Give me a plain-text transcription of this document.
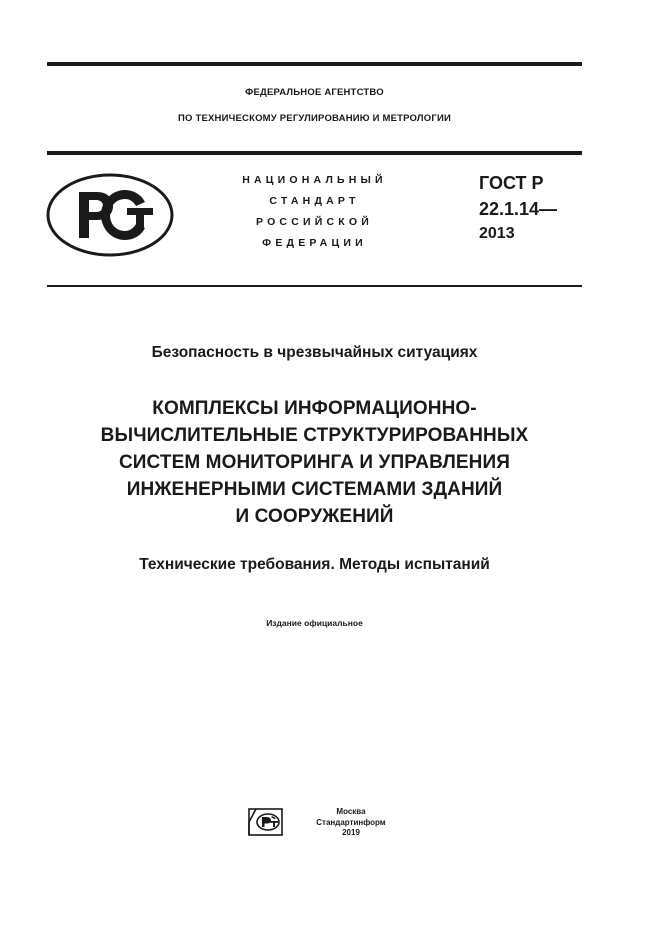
ФЕДЕРАЛЬНОЕ АГЕНТСТВО
ПО ТЕХНИЧЕСКОМУ РЕГУЛИРОВАНИЮ И МЕТРОЛОГИИ
НАЦИОНАЛЬНЫЙ
СТАНДАРТ
РОССИЙСКОЙ
ФЕДЕРАЦИИ
ГОСТ Р
22.1.14—
2013
Безопасность в чрезвычайных ситуациях
КОМПЛЕКСЫ ИНФОРМАЦИОННО-
ВЫЧИСЛИТЕЛЬНЫЕ СТРУКТУРИРОВАННЫХ
СИСТЕМ МОНИТОРИНГА И УПРАВЛЕНИЯ
ИНЖЕНЕРНЫМИ СИСТЕМАМИ ЗДАНИЙ
И СООРУЖЕНИЙ
Технические требования. Методы испытаний
Издание официальное
Москва
Стандартинформ
2019
